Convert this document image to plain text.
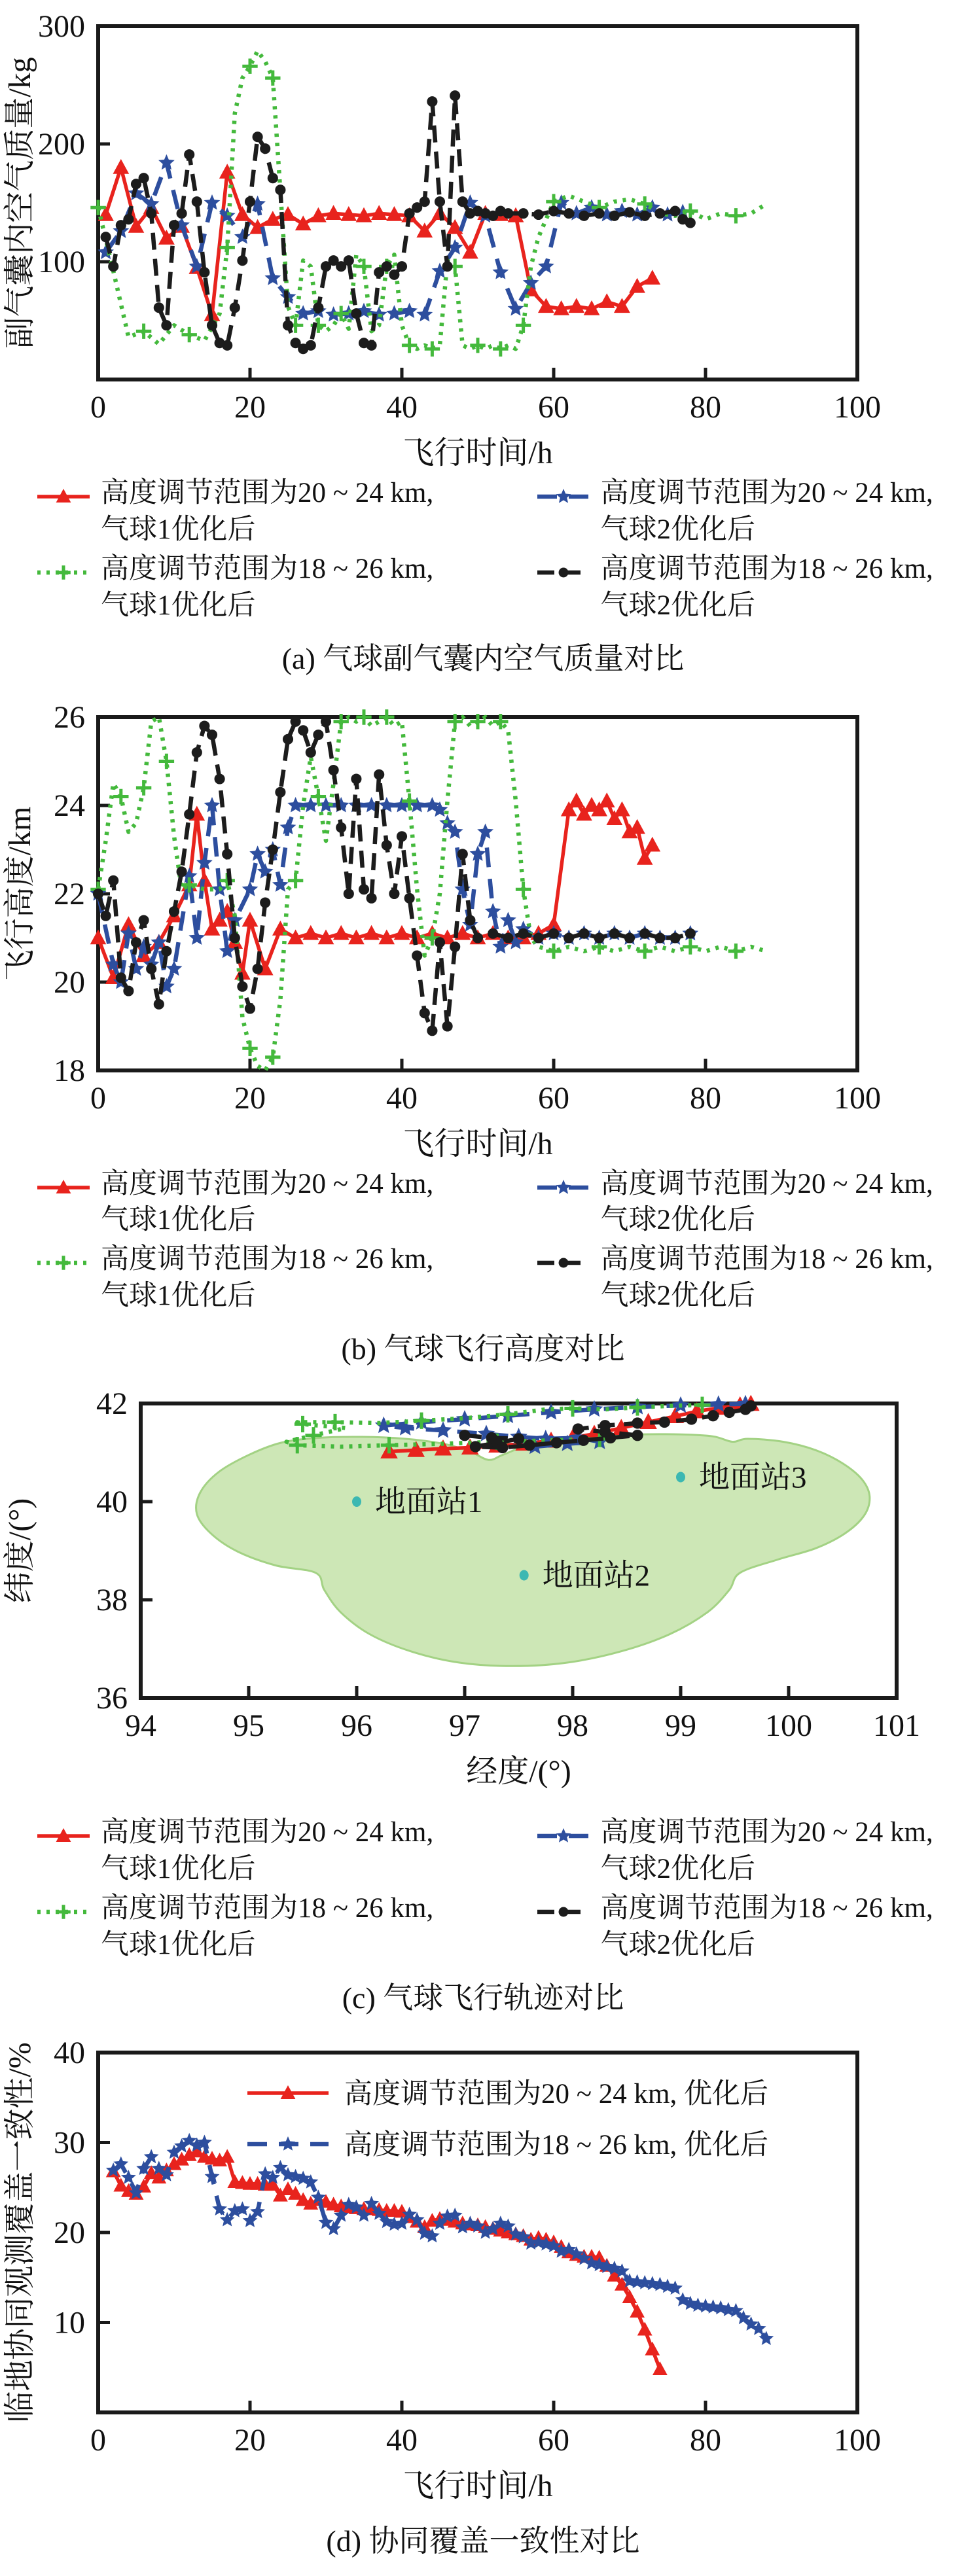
0	20	40	60	80	100
100
200
300
飞行时间/h
副气囊内空气质量/kg
高度调节范围为20 ~ 24 km,
气球1优化后
高度调节范围为20 ~ 24 km,
气球2优化后
高度调节范围为18 ~ 26 km,
气球1优化后
高度调节范围为18 ~ 26 km,
气球2优化后
(a) 气球副气囊内空气质量对比
0	20	40	60	80	100
18
20
22
24
26
飞行时间/h
飞行高度/km
高度调节范围为20 ~ 24 km,
气球1优化后
高度调节范围为20 ~ 24 km,
气球2优化后
高度调节范围为18 ~ 26 km,
气球1优化后
高度调节范围为18 ~ 26 km,
气球2优化后
(b) 气球飞行高度对比
94 95 96 97 98 99 100 101
36
38
40
42
经度/(°)
纬度/(°)	地面站1
地面站2
地面站3
高度调节范围为20 ~ 24 km,
气球1优化后
高度调节范围为20 ~ 24 km,
气球2优化后
高度调节范围为18 ~ 26 km,
气球1优化后
高度调节范围为18 ~ 26 km,
气球2优化后
(c) 气球飞行轨迹对比
0	20	40	60	80	100
10
20
30
40
飞行时间/h
临地协同观测覆盖一致性/%	高度调节范围为20 ~ 24 km, 优化后
高度调节范围为18 ~ 26 km, 优化后
(d) 协同覆盖一致性对比
